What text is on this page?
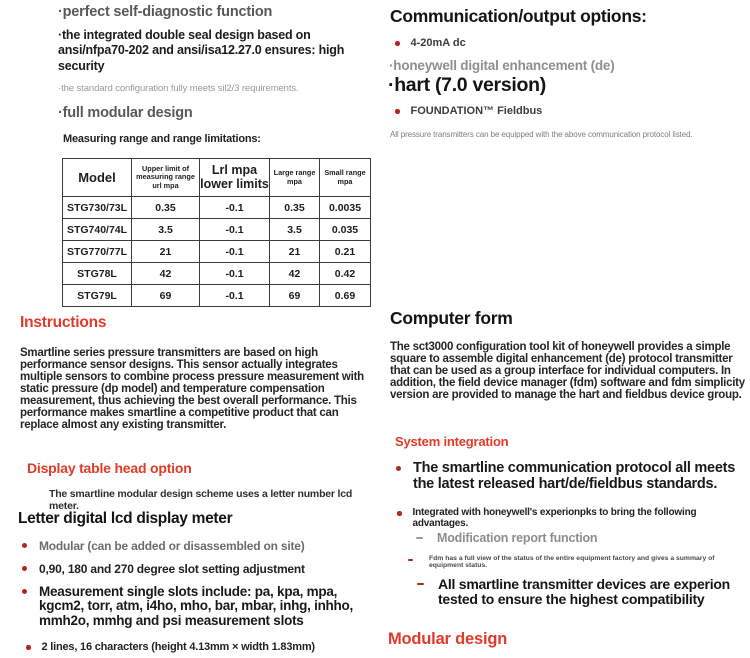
·perfect self-diagnostic function
·the integrated double seal design based on ansi/nfpa70-202 and ansi/isa12.27.0 ensures: high security
·the standard configuration fully meets sil2/3 requirements.
·full modular design
Measuring range and range limitations:
Model	Upper limit of measuring range url mpa	Lrl mpa lower limits	Large range mpa	Small range mpa
STG730/73L	0.35	-0.1	0.35	0.0035
STG740/74L	3.5	-0.1	3.5	0.035
STG770/77L	21	-0.1	21	0.21
STG78L	42	-0.1	42	0.42
STG79L	69	-0.1	69	0.69
Instructions
Smartline series pressure transmitters are based on high performance sensor designs. This sensor actually integrates multiple sensors to combine process pressure measurement with static pressure (dp model) and temperature compensation measurement, thus achieving the best overall performance. This performance makes smartline a competitive product that can replace almost any existing transmitter.
Display table head option
The smartline modular design scheme uses a letter number lcd meter.
Letter digital lcd display meter
Modular (can be added or disassembled on site)
0,90, 180 and 270 degree slot setting adjustment
Measurement single slots include: pa, kpa, mpa, kgcm2, torr, atm, i4ho, mho, bar, mbar, inhg, inhho, mmh2o, mmhg and psi measurement slots
2 lines, 16 characters (height 4.13mm × width 1.83mm)
Communication/output options:
4-20mA dc
·honeywell digital enhancement (de)
·hart (7.0 version)
FOUNDATION™ Fieldbus
All pressure transmitters can be equipped with the above communication protocol listed.
Computer form
The sct3000 configuration tool kit of honeywell provides a simple square to assemble digital enhancement (de) protocol transmitter that can be used as a group interface for individual computers. In addition, the field device manager (fdm) software and fdm simplicity version are provided to manage the hart and fieldbus device group.
System integration
The smartline communication protocol all meets the latest released hart/de/fieldbus standards.
Integrated with honeywell's experionpks to bring the following advantages.
Modification report function
Fdm has a full view of the status of the entire equipment factory and gives a summary of equipment status.
All smartline transmitter devices are experion tested to ensure the highest compatibility
Modular design
